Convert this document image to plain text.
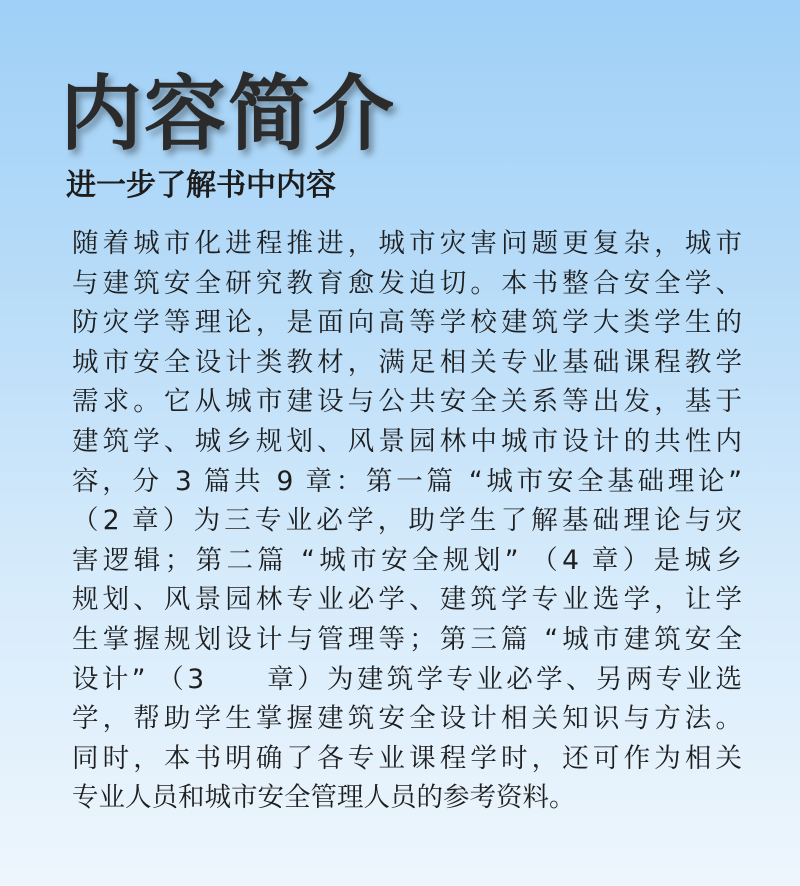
内容简介
进一步了解书中内容
随着城市化进程推进，城市灾害问题更复杂，城市
与建筑安全研究教育愈发迫切。本书整合安全学、
防灾学等理论，是面向高等学校建筑学大类学生的
城市安全设计类教材，满足相关专业基础课程教学
需求。它从城市建设与公共安全关系等出发，基于
建筑学、城乡规划、风景园林中城市设计的共性内
容，分 3 篇共 9 章：第一篇 “城市安全基础理论”
（2 章）为三专业必学，助学生了解基础理论与灾
害逻辑；第二篇 “城市安全规划” （4 章）是城乡
规划、风景园林专业必学、建筑学专业选学，让学
生掌握规划设计与管理等；第三篇 “城市建筑安全
设计” （3　　章）为建筑学专业必学、另两专业选
学，帮助学生掌握建筑安全设计相关知识与方法。
同时，本书明确了各专业课程学时，还可作为相关
专业人员和城市安全管理人员的参考资料。
